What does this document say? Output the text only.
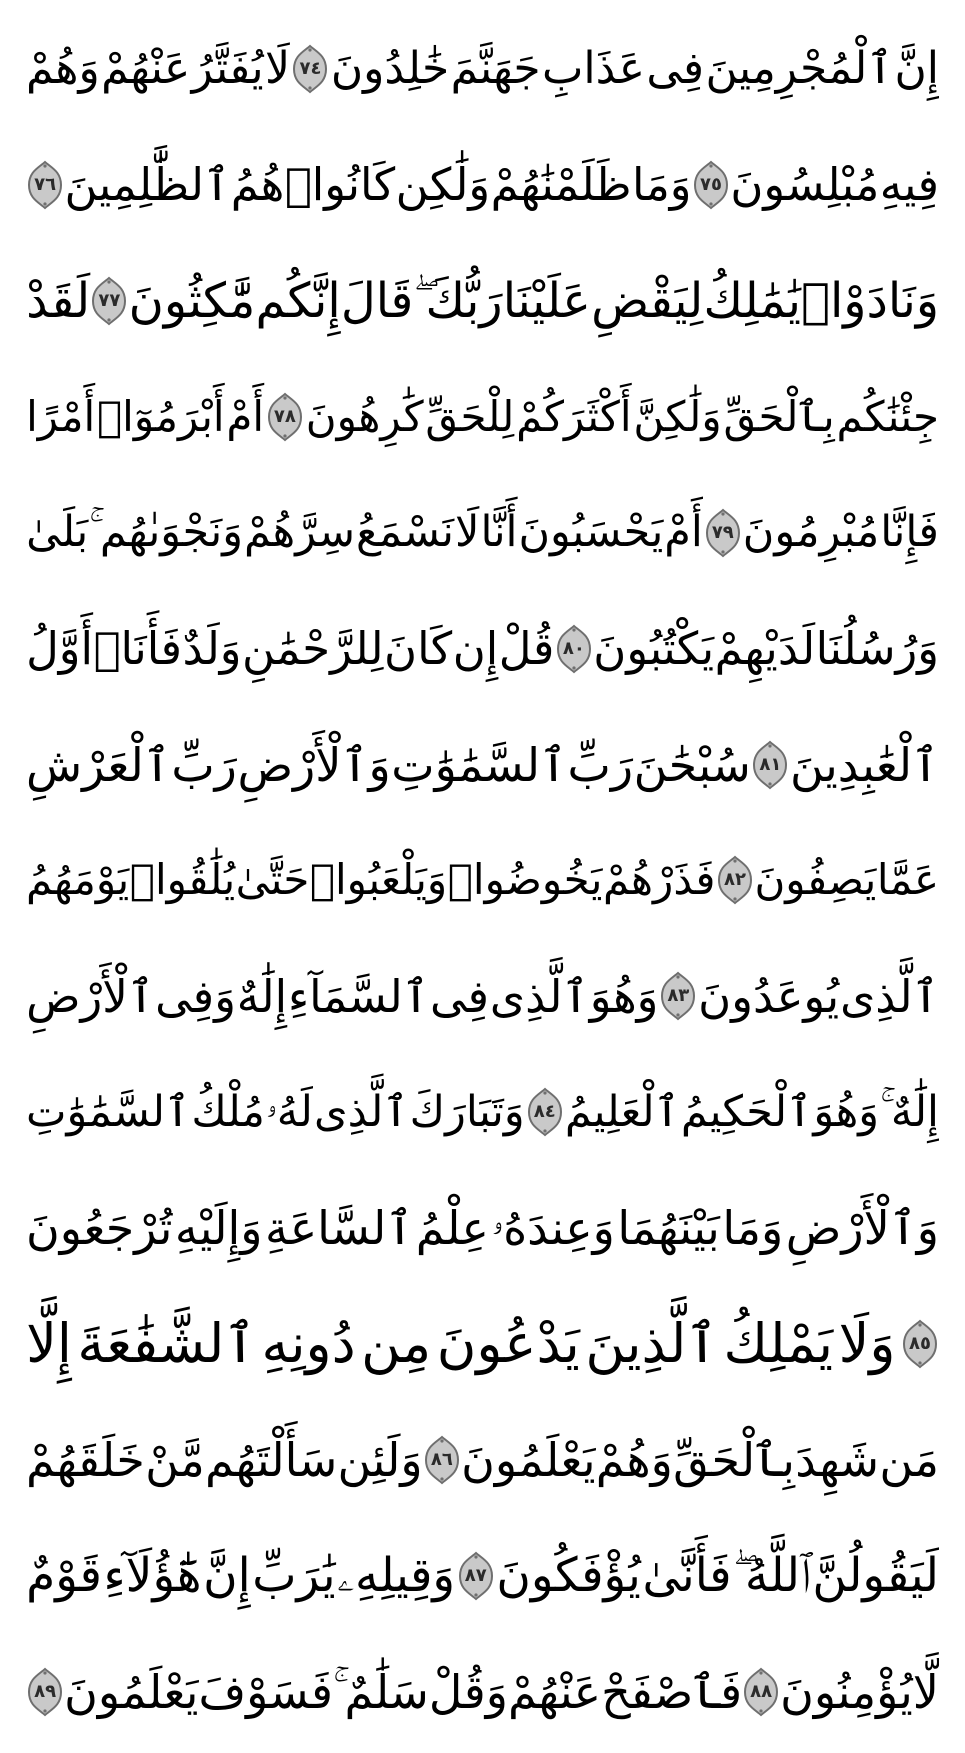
إِنَّ
ٱلْمُجْرِمِينَ
فِى
عَذَابِ
جَهَنَّمَ
خَٰلِدُونَ
٧٤
لَا
يُفَتَّرُ
عَنْهُمْ
وَهُمْ
فِيهِ
مُبْلِسُونَ
٧٥
وَمَا
ظَلَمْنَٰهُمْ
وَلَٰكِن
كَانُوا۟
هُمُ
ٱلظَّٰلِمِينَ
٧٦
وَنَادَوْا۟
يَٰمَٰلِكُ
لِيَقْضِ
عَلَيْنَا
رَبُّكَ ۖ
قَالَ
إِنَّكُم
مَّٰكِثُونَ
٧٧
لَقَدْ
جِئْنَٰكُم
بِٱلْحَقِّ
وَلَٰكِنَّ
أَكْثَرَكُمْ
لِلْحَقِّ
كَٰرِهُونَ
٧٨
أَمْ
أَبْرَمُوٓا۟
أَمْرًا
فَإِنَّا
مُبْرِمُونَ
٧٩
أَمْ
يَحْسَبُونَ
أَنَّا
لَا
نَسْمَعُ
سِرَّهُمْ
وَنَجْوَىٰهُم ۚ
بَلَىٰ
وَرُسُلُنَا
لَدَيْهِمْ
يَكْتُبُونَ
٨٠
قُلْ
إِن
كَانَ
لِلرَّحْمَٰنِ
وَلَدٌ
فَأَنَا۠
أَوَّلُ
ٱلْعَٰبِدِينَ
٨١
سُبْحَٰنَ
رَبِّ
ٱلسَّمَٰوَٰتِ
وَٱلْأَرْضِ
رَبِّ
ٱلْعَرْشِ
عَمَّا
يَصِفُونَ
٨٢
فَذَرْهُمْ
يَخُوضُوا۟
وَيَلْعَبُوا۟
حَتَّىٰ
يُلَٰقُوا۟
يَوْمَهُمُ
ٱلَّذِى
يُوعَدُونَ
٨٣
وَهُوَ
ٱلَّذِى
فِى
ٱلسَّمَآءِ
إِلَٰهٌ
وَفِى
ٱلْأَرْضِ
إِلَٰهٌ ۚ
وَهُوَ
ٱلْحَكِيمُ
ٱلْعَلِيمُ
٨٤
وَتَبَارَكَ
ٱلَّذِى
لَهُۥ
مُلْكُ
ٱلسَّمَٰوَٰتِ
وَٱلْأَرْضِ
وَمَا
بَيْنَهُمَا
وَعِندَهُۥ
عِلْمُ
ٱلسَّاعَةِ
وَإِلَيْهِ
تُرْجَعُونَ
٨٥
وَلَا
يَمْلِكُ
ٱلَّذِينَ
يَدْعُونَ
مِن
دُونِهِ
ٱلشَّفَٰعَةَ
إِلَّا
مَن
شَهِدَ
بِٱلْحَقِّ
وَهُمْ
يَعْلَمُونَ
٨٦
وَلَئِن
سَأَلْتَهُم
مَّنْ
خَلَقَهُمْ
لَيَقُولُنَّ
ٱللَّهُ ۖ
فَأَنَّىٰ
يُؤْفَكُونَ
٨٧
وَقِيلِهِۦ
يَٰرَبِّ
إِنَّ
هَٰٓؤُلَآءِ
قَوْمٌ
لَّا
يُؤْمِنُونَ
٨٨
فَٱصْفَحْ
عَنْهُمْ
وَقُلْ
سَلَٰمٌ ۚ
فَسَوْفَ
يَعْلَمُونَ
٨٩
